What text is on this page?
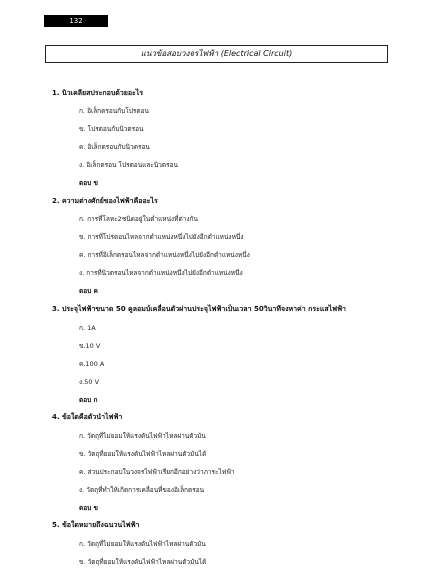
132
แนวข้อสอบวงจรไฟฟ้า (Electrical Circuit)
1. นิวเคลียสประกอบด้วยอะไร
ก. อิเล็กตรอนกับโปรตอน
ข. โปรตอนกับนิวตรอน
ค. อิเล็กตรอนกับนิวตรอน
ง. อิเล็กตรอน โปรตอนและนิวตรอน
ตอบ ข
2. ความต่างศักย์ของไฟฟ้าคืออะไร
ก. การที่โลหะ2ชนิดอยู่ในตำแหน่งที่ต่างกัน
ข. การที่โปรตอนไหลจากตำแหน่งหนึ่งไปยังอีกตำแหน่งหนึ่ง
ค. การที่อิเล็กตรอนไหลจากตำแหน่งหนึ่งไปยังอีกตำแหน่งหนึ่ง
ง. การที่นิวตรอนไหลจากตำแหน่งหนึ่งไปยังอีกตำแหน่งหนึ่ง
ตอบ ค
3. ประจุไฟฟ้าขนาด 50 คูลอมบ์เคลื่อนตัวผ่านประจุไฟฟ้าเป็นเวลา 50วินาทีจงหาค่า กระแสไฟฟ้า
ก. 1A
ข.10 V
ค.100 A
ง.50 V
ตอบ ก
4. ข้อใดคือตัวนำไฟฟ้า
ก. วัตถุที่ไม่ยอมให้แรงดันไฟฟ้าไหลผ่านตัวมัน
ข. วัตถุที่ยอมให้แรงดันไฟฟ้าไหลผ่านตัวมันได้
ค. ส่วนประกอบในวงจรไฟฟ้าเรียกอีกอย่างว่าภาระไฟฟ้า
ง. วัตถุที่ทำให้เกิดการเคลื่อนที่ของอิเล็กตรอน
ตอบ ข
5. ข้อใดหมายถึงฉนวนไฟฟ้า
ก. วัตถุที่ไม่ยอมให้แรงดันไฟฟ้าไหลผ่านตัวมัน
ข. วัตถุที่ยอมให้แรงดันไฟฟ้าไหลผ่านตัวมันได้
